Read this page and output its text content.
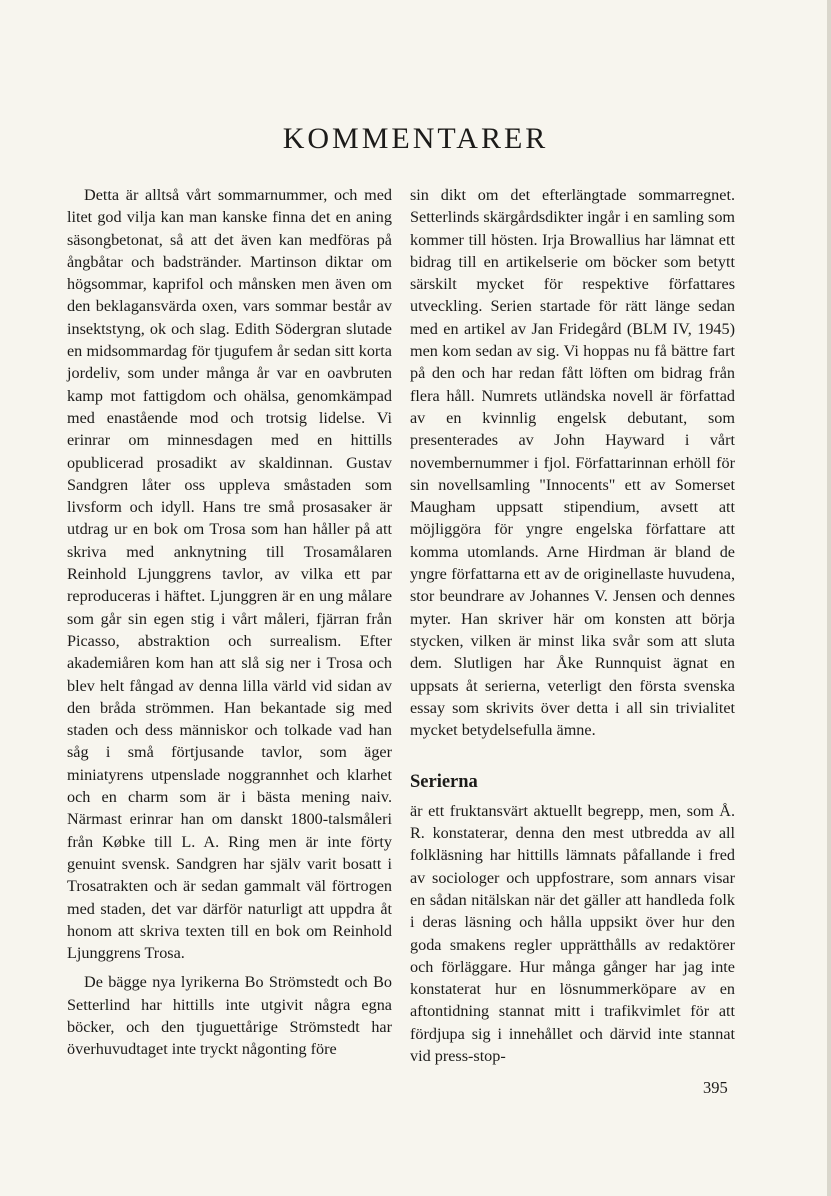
KOMMENTARER

Detta är alltså vårt sommarnummer, och med litet god vilja kan man kanske finna det en aning säsongbetonat, så att det även kan medföras på ångbåtar och badstränder. Martinson diktar om högsommar, kaprifol och månsken men även om den beklagansvärda oxen, vars sommar består av insektstyng, ok och slag. Edith Södergran slutade en midsommardag för tjugufem år sedan sitt korta jordeliv, som under många år var en oavbruten kamp mot fattigdom och ohälsa, genomkämpad med enastående mod och trotsig lidelse. Vi erinrar om minnesdagen med en hittills opublicerad prosadikt av skaldinnan. Gustav Sandgren låter oss uppleva småstaden som livsform och idyll. Hans tre små prosasaker är utdrag ur en bok om Trosa som han håller på att skriva med anknytning till Trosamålaren Reinhold Ljunggrens tavlor, av vilka ett par reproduceras i häftet. Ljunggren är en ung målare som går sin egen stig i vårt måleri, fjärran från Picasso, abstraktion och surrealism. Efter akademiåren kom han att slå sig ner i Trosa och blev helt fångad av denna lilla värld vid sidan av den bråda strömmen. Han bekantade sig med staden och dess människor och tolkade vad han såg i små förtjusande tavlor, som äger miniatyrens utpenslade noggrannhet och klarhet och en charm som är i bästa mening naiv. Närmast erinrar han om danskt 1800-talsmåleri från Købke till L. A. Ring men är inte förty genuint svensk. Sandgren har själv varit bosatt i Trosatrakten och är sedan gammalt väl förtrogen med staden, det var därför naturligt att uppdra åt honom att skriva texten till en bok om Reinhold Ljunggrens Trosa.

De bägge nya lyrikerna Bo Strömstedt och Bo Setterlind har hittills inte utgivit några egna böcker, och den tjuguettårige Strömstedt har överhuvudtaget inte tryckt någonting före

sin dikt om det efterlängtade sommarregnet. Setterlinds skärgårdsdikter ingår i en samling som kommer till hösten. Irja Browallius har lämnat ett bidrag till en artikelserie om böcker som betytt särskilt mycket för respektive författares utveckling. Serien startade för rätt länge sedan med en artikel av Jan Fridegård (BLM IV, 1945) men kom sedan av sig. Vi hoppas nu få bättre fart på den och har redan fått löften om bidrag från flera håll. Numrets utländska novell är författad av en kvinnlig engelsk debutant, som presenterades av John Hayward i vårt novembernummer i fjol. Författarinnan erhöll för sin novellsamling "Innocents" ett av Somerset Maugham uppsatt stipendium, avsett att möjliggöra för yngre engelska författare att komma utomlands. Arne Hirdman är bland de yngre författarna ett av de originellaste huvudena, stor beundrare av Johannes V. Jensen och dennes myter. Han skriver här om konsten att börja stycken, vilken är minst lika svår som att sluta dem. Slutligen har Åke Runnquist ägnat en uppsats åt serierna, veterligt den första svenska essay som skrivits över detta i all sin trivialitet mycket betydelsefulla ämne.

Serierna

är ett fruktansvärt aktuellt begrepp, men, som Å. R. konstaterar, denna den mest utbredda av all folkläsning har hittills lämnats påfallande i fred av sociologer och uppfostrare, som annars visar en sådan nitälskan när det gäller att handleda folk i deras läsning och hålla uppsikt över hur den goda smakens regler upprätthålls av redaktörer och förläggare. Hur många gånger har jag inte konstaterat hur en lösnummerköpare av en aftontidning stannat mitt i trafikvimlet för att fördjupa sig i innehållet och därvid inte stannat vid press-stop-

395
